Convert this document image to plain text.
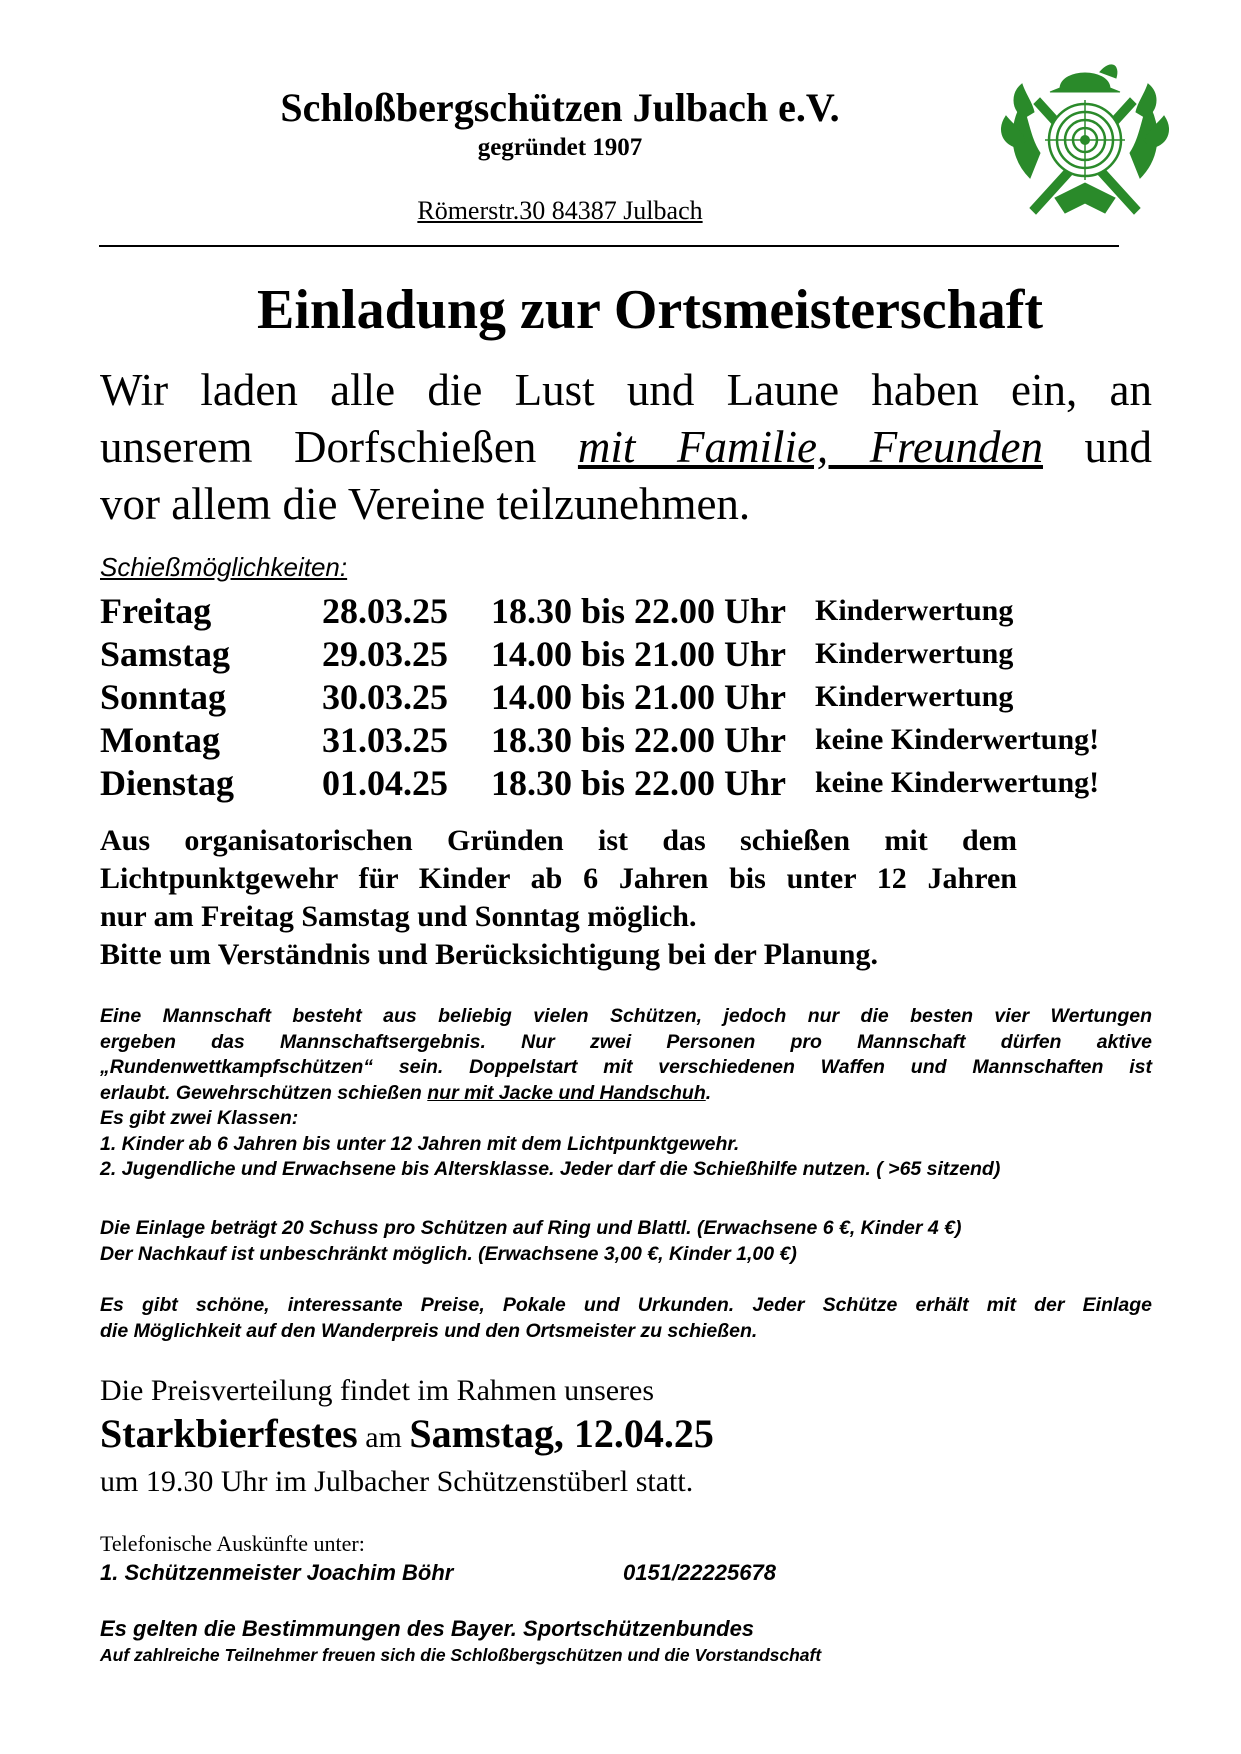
Schloßbergschützen Julbach e.V.
gegründet 1907
Römerstr.30 84387 Julbach
Einladung zur Ortsmeisterschaft
Wir laden alle die Lust und Laune haben ein, an
unserem Dorfschießen mit Familie, Freunden und
vor allem die Vereine teilzunehmen.
Schießmöglichkeiten:
Freitag	28.03.25 18.30 bis 22.00 Uhr Kinderwertung
Samstag	29.03.25 14.00 bis 21.00 Uhr Kinderwertung
Sonntag	30.03.25 14.00 bis 21.00 Uhr Kinderwertung
Montag	31.03.25 18.30 bis 22.00 Uhr keine Kinderwertung!
Dienstag 01.04.25 18.30 bis 22.00 Uhr keine Kinderwertung!
Aus organisatorischen Gründen ist das schießen mit dem
Lichtpunktgewehr für Kinder ab 6 Jahren bis unter 12 Jahren
nur am Freitag Samstag und Sonntag möglich.
Bitte um Verständnis und Berücksichtigung bei der Planung.
Eine Mannschaft besteht aus beliebig vielen Schützen, jedoch nur die besten vier Wertungen
ergeben das Mannschaftsergebnis. Nur zwei Personen pro Mannschaft dürfen aktive
„Rundenwettkampfschützen“ sein. Doppelstart mit verschiedenen Waffen und Mannschaften ist
erlaubt. Gewehrschützen schießen nur mit Jacke und Handschuh.
Es gibt zwei Klassen:
1. Kinder ab 6 Jahren bis unter 12 Jahren mit dem Lichtpunktgewehr.
2. Jugendliche und Erwachsene bis Altersklasse. Jeder darf die Schießhilfe nutzen. ( >65 sitzend)
Die Einlage beträgt 20 Schuss pro Schützen auf Ring und Blattl. (Erwachsene 6 €, Kinder 4 €)
Der Nachkauf ist unbeschränkt möglich. (Erwachsene 3,00 €, Kinder 1,00 €)
Es gibt schöne, interessante Preise, Pokale und Urkunden. Jeder Schütze erhält mit der Einlage
die Möglichkeit auf den Wanderpreis und den Ortsmeister zu schießen.
Die Preisverteilung findet im Rahmen unseres
Starkbierfestes am Samstag, 12.04.25
um 19.30 Uhr im Julbacher Schützenstüberl statt.
Telefonische Auskünfte unter:
1. Schützenmeister Joachim Böhr	0151/22225678
Es gelten die Bestimmungen des Bayer. Sportschützenbundes
Auf zahlreiche Teilnehmer freuen sich die Schloßbergschützen und die Vorstandschaft
